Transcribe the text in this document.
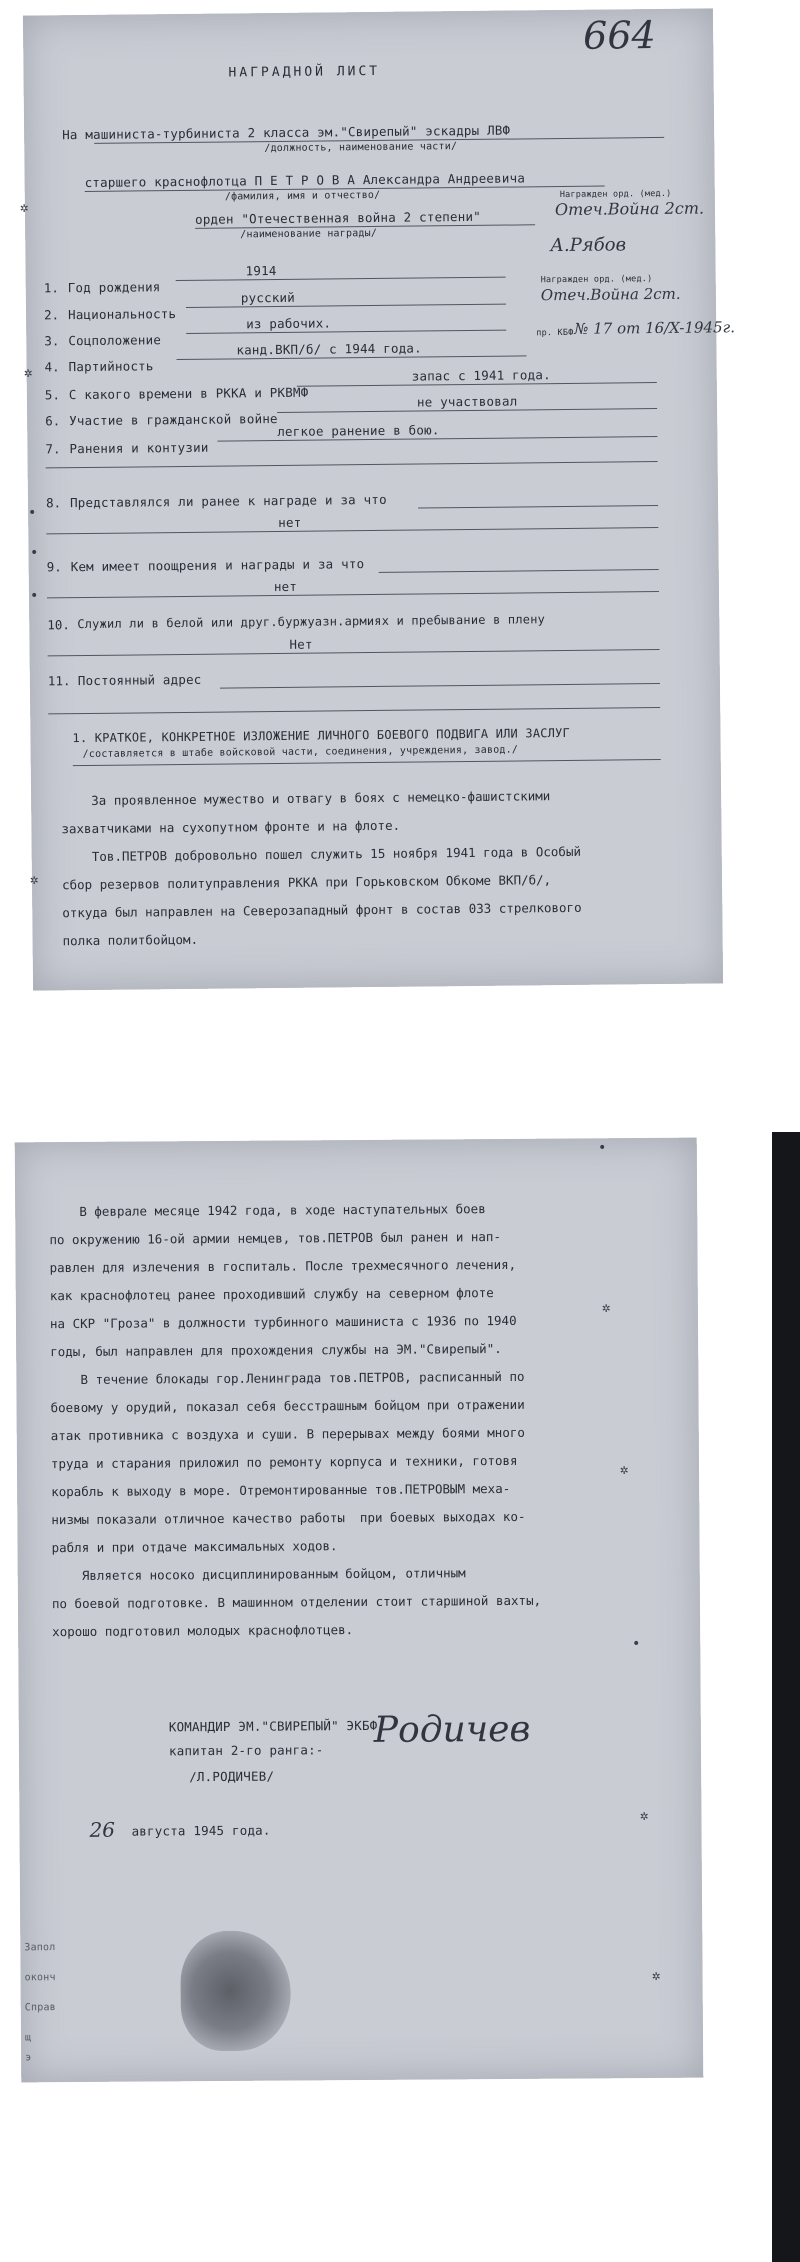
664
НАГРАДНОЙ ЛИСТ
На машиниста-турбиниста 2 класса эм."Свирепый" эскадры ЛВФ
/должность, наименование части/
старшего краснофлотца П Е Т Р О В А Александра Андреевича
/фамилия, имя и отчество/
орден "Отечественная война 2 степени"
/наименование награды/
Награжден орд. (мед.)
Отеч.Война 2ст.
А.Рябов
1. Год рождения
1914
2. Национальность
русский
3. Соцположение
из рабочих.
4. Партийность
канд.ВКП/б/ с 1944 года.
Награжден орд. (мед.)
Отеч.Война 2ст.
пр. КБФ № 17 от 16/X-1945г.
5. С какого времени в РККА и РКВМФ
запас с 1941 года.
6. Участие в гражданской войне
не участвовал
7. Ранения и контузии
легкое ранение в бою.
8. Представлялся ли ранее к награде и за что
нет
9. Кем имеет поощрения и награды и за что
нет
10. Служил ли в белой или друг.буржуазн.армиях и пребывание в плену
Нет
11. Постоянный адрес
1. КРАТКОЕ, КОНКРЕТНОЕ ИЗЛОЖЕНИЕ ЛИЧНОГО БОЕВОГО ПОДВИГА ИЛИ ЗАСЛУГ
/составляется в штабе войсковой части, соединения, учреждения, завод./
За проявленное мужество и отвагу в боях с немецко-фашистскими
захватчиками на сухопутном фронте и на флоте.
Тов.ПЕТРОВ добровольно пошел служить 15 ноября 1941 года в Особый
сбор резервов политуправления РККА при Горьковском Обкоме ВКП/б/,
откуда был направлен на Северозападный фронт в состав 033 стрелкового
полка политбойцом.
✲
✲
•
•
•
✲
В феврале месяце 1942 года, в ходе наступательных боев
по окружению 16-ой армии немцев, тов.ПЕТРОВ был ранен и нап-
равлен для излечения в госпиталь. После трехмесячного лечения,
как краснофлотец ранее проходивший службу на северном флоте
на СКР "Гроза" в должности турбинного машиниста с 1936 по 1940
годы, был направлен для прохождения службы на ЭМ."Свирепый".
В течение блокады гор.Ленинграда тов.ПЕТРОВ, расписанный по
боевому у орудий, показал себя бесстрашным бойцом при отражении
атак противника с воздуха и суши. В перерывах между боями много
труда и старания приложил по ремонту корпуса и техники, готовя
корабль к выходу в море. Отремонтированные тов.ПЕТРОВЫМ меха-
низмы показали отличное качество работы  при боевых выходах ко-
рабля и при отдаче максимальных ходов.
Является носоко дисциплинированным бойцом, отличным
по боевой подготовке. В машинном отделении стоит старшиной вахты,
хорошо подготовил молодых краснофлотцев.
КОМАНДИР ЭМ."СВИРЕПЫЙ" ЭКБФ
капитан 2-го ранга:-
/Л.РОДИЧЕВ/
Родичев
26 августа 1945 года.
Запол
оконч
Справ
щ
э
•
✲
✲
•
✲
✲
